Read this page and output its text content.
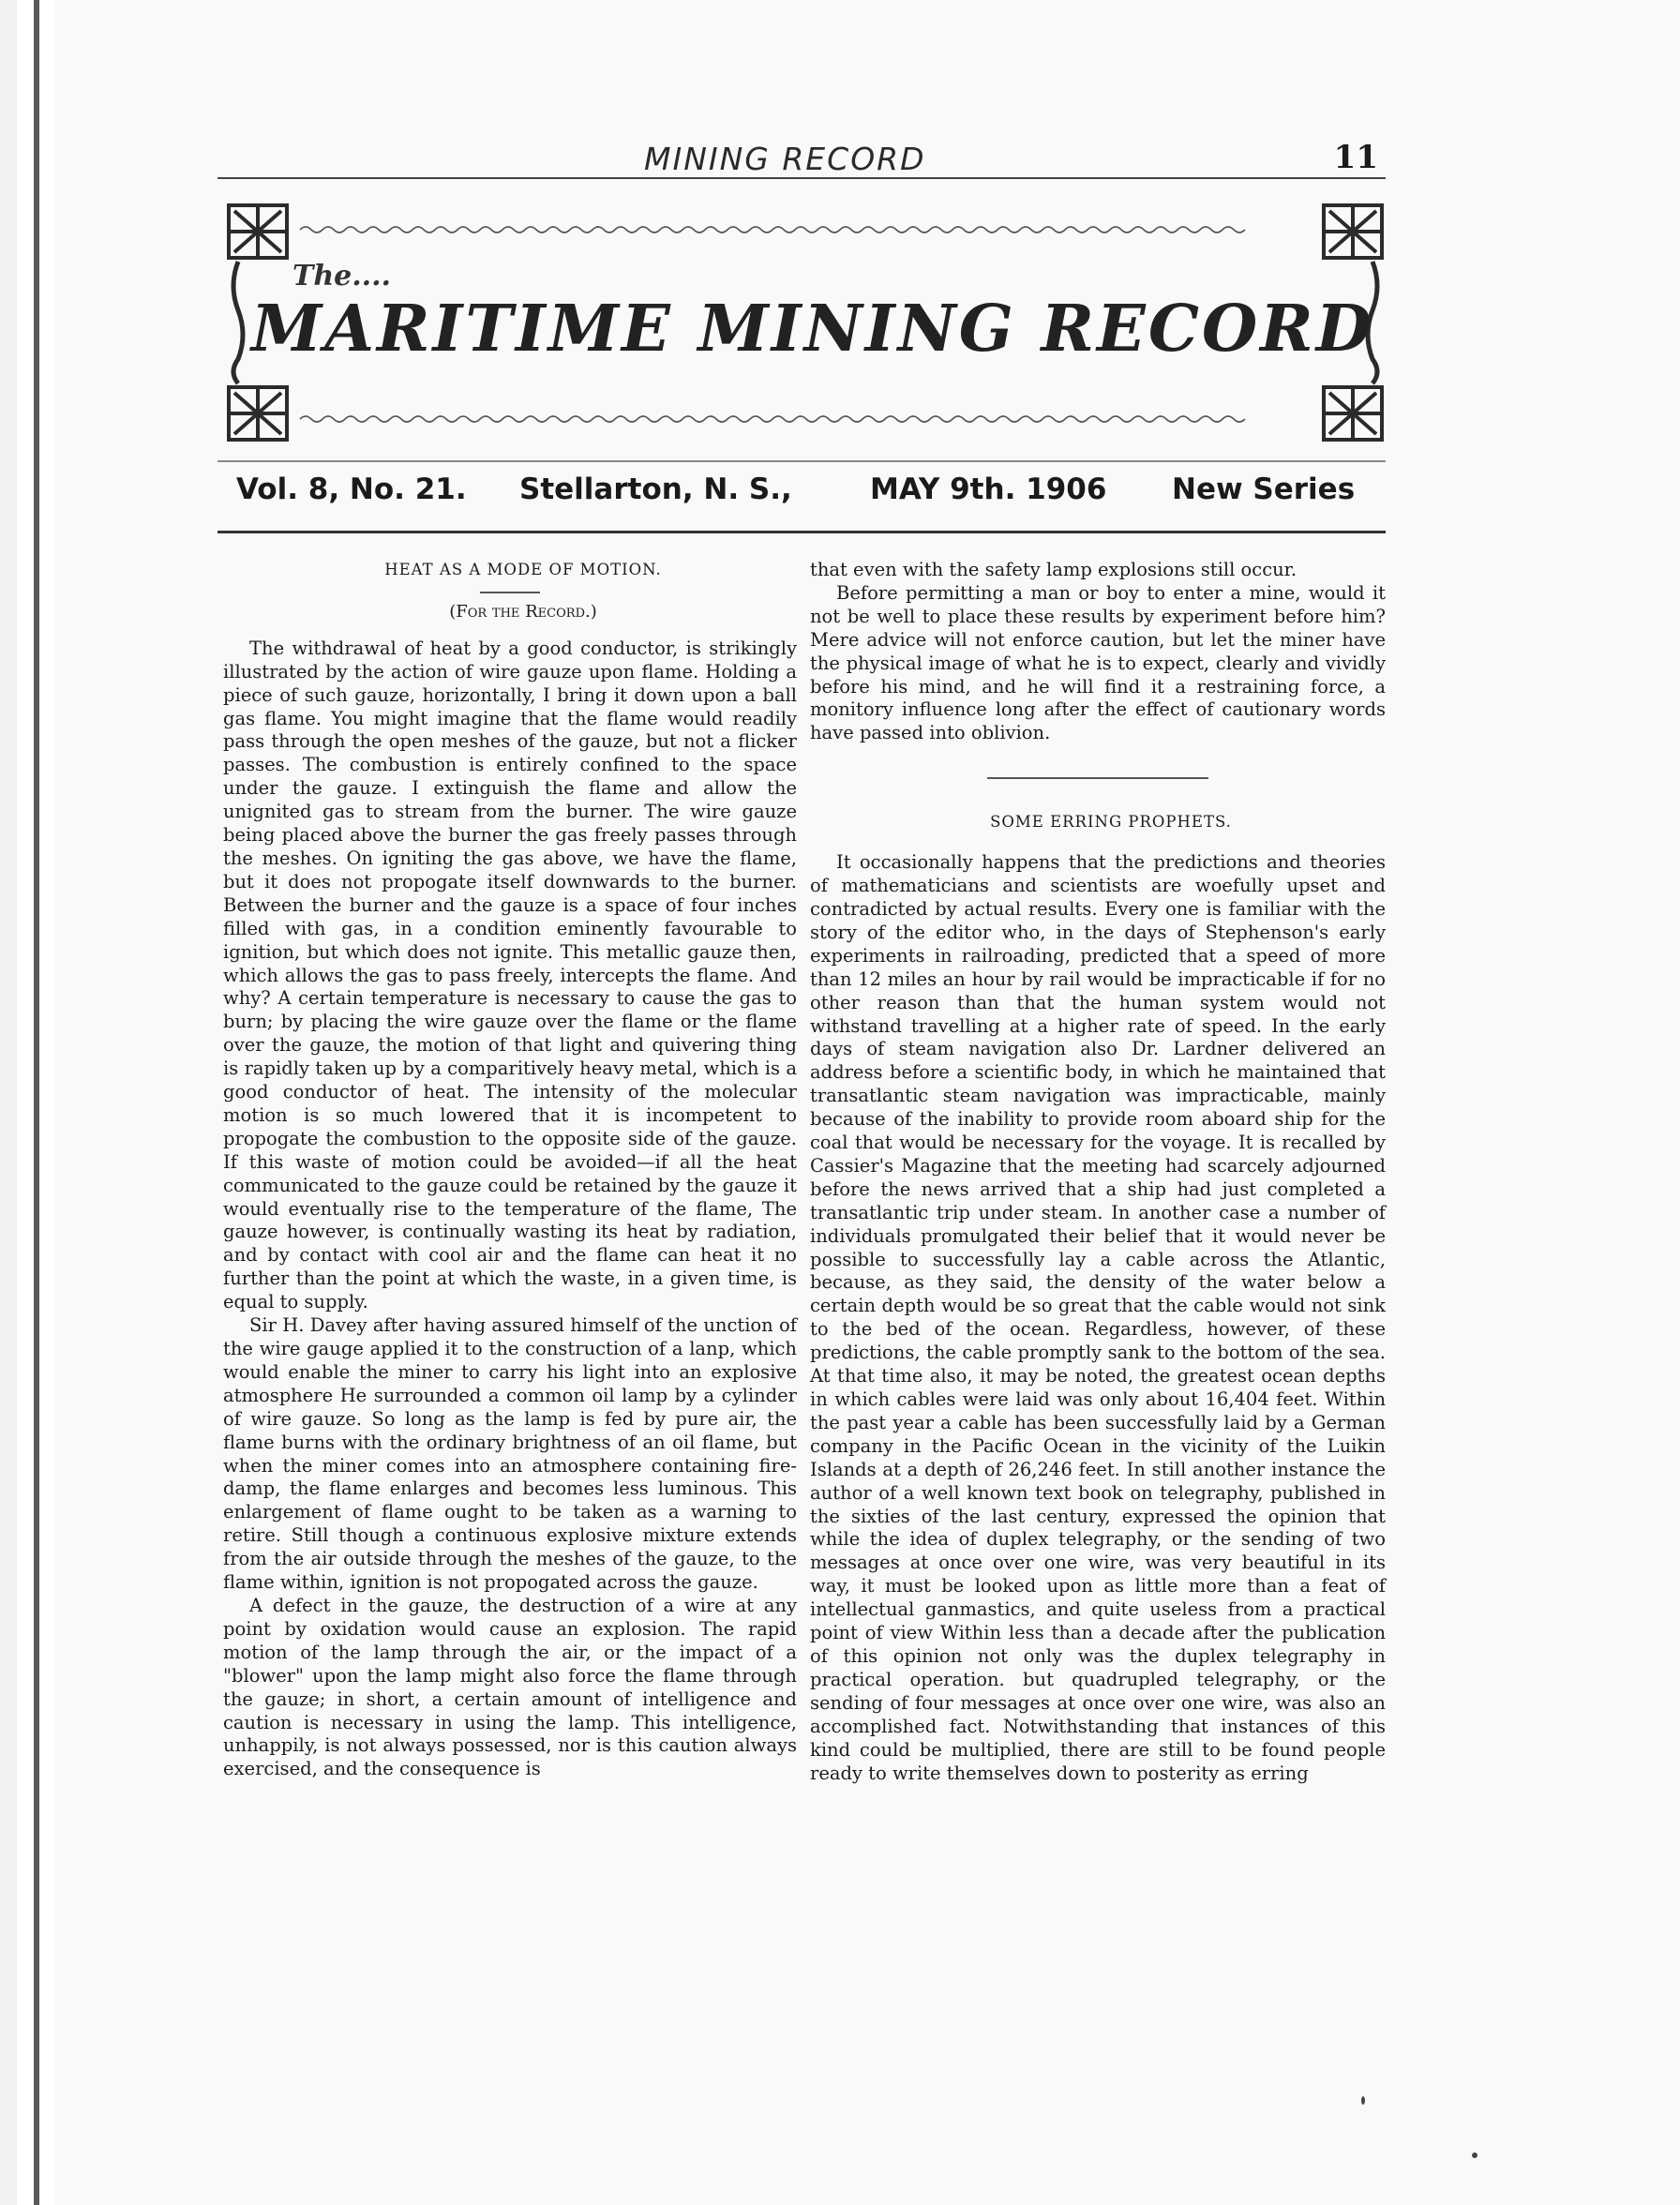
MINING RECORD	11
The....
MARITIME MINING RECORD
Vol. 8, No. 21. Stellarton, N. S.,	MAY 9th. 1906 New Series

HEAT AS A MODE OF MOTION.

(For the Record.)

The withdrawal of heat by a good conductor, is strikingly illustrated by the action of wire gauze upon flame. Holding a piece of such gauze, horizontally, I bring it down upon a ball gas flame. You might imagine that the flame would readily pass through the open meshes of the gauze, but not a flicker passes. The combustion is entirely confined to the space under the gauze. I extinguish the flame and allow the unignited gas to stream from the burner. The wire gauze being placed above the burner the gas freely passes through the meshes. On igniting the gas above, we have the flame, but it does not propogate itself downwards to the burner. Between the burner and the gauze is a space of four inches filled with gas, in a condition eminently favourable to ignition, but which does not ignite. This metallic gauze then, which allows the gas to pass freely, intercepts the flame. And why? A certain temperature is necessary to cause the gas to burn; by placing the wire gauze over the flame or the flame over the gauze, the motion of that light and quivering thing is rapidly taken up by a comparitively heavy metal, which is a good conductor of heat. The intensity of the molecular motion is so much lowered that it is incompetent to propogate the combustion to the opposite side of the gauze. If this waste of motion could be avoided—if all the heat communicated to the gauze could be retained by the gauze it would eventually rise to the temperature of the flame, The gauze however, is continually wasting its heat by radiation, and by contact with cool air and the flame can heat it no further than the point at which the waste, in a given time, is equal to supply.

Sir H. Davey after having assured himself of the unction of the wire gauge applied it to the construction of a lanp, which would enable the miner to carry his light into an explosive atmosphere He surrounded a common oil lamp by a cylinder of wire gauze. So long as the lamp is fed by pure air, the flame burns with the ordinary brightness of an oil flame, but when the miner comes into an atmosphere containing fire-damp, the flame enlarges and becomes less luminous. This enlargement of flame ought to be taken as a warning to retire. Still though a continuous explosive mixture extends from the air outside through the meshes of the gauze, to the flame within, ignition is not propogated across the gauze.

A defect in the gauze, the destruction of a wire at any point by oxidation would cause an explosion. The rapid motion of the lamp through the air, or the impact of a "blower" upon the lamp might also force the flame through the gauze; in short, a certain amount of intelligence and caution is necessary in using the lamp. This intelligence, unhappily, is not always possessed, nor is this caution always exercised, and the consequence is

that even with the safety lamp explosions still occur.

Before permitting a man or boy to enter a mine, would it not be well to place these results by experiment before him? Mere advice will not enforce caution, but let the miner have the physical image of what he is to expect, clearly and vividly before his mind, and he will find it a restraining force, a monitory influence long after the effect of cautionary words have passed into oblivion.

SOME ERRING PROPHETS.

It occasionally happens that the predictions and theories of mathematicians and scientists are woefully upset and contradicted by actual results. Every one is familiar with the story of the editor who, in the days of Stephenson's early experiments in railroading, predicted that a speed of more than 12 miles an hour by rail would be impracticable if for no other reason than that the human system would not withstand travelling at a higher rate of speed. In the early days of steam navigation also Dr. Lardner delivered an address before a scientific body, in which he maintained that transatlantic steam navigation was impracticable, mainly because of the inability to provide room aboard ship for the coal that would be necessary for the voyage. It is recalled by Cassier's Magazine that the meeting had scarcely adjourned before the news arrived that a ship had just completed a transatlantic trip under steam. In another case a number of individuals promulgated their belief that it would never be possible to successfully lay a cable across the Atlantic, because, as they said, the density of the water below a certain depth would be so great that the cable would not sink to the bed of the ocean. Regardless, however, of these predictions, the cable promptly sank to the bottom of the sea. At that time also, it may be noted, the greatest ocean depths in which cables were laid was only about 16,404 feet. Within the past year a cable has been successfully laid by a German company in the Pacific Ocean in the vicinity of the Luikin Islands at a depth of 26,246 feet. In still another instance the author of a well known text book on telegraphy, published in the sixties of the last century, expressed the opinion that while the idea of duplex telegraphy, or the sending of two messages at once over one wire, was very beautiful in its way, it must be looked upon as little more than a feat of intellectual ganmastics, and quite useless from a practical point of view Within less than a decade after the publication of this opinion not only was the duplex telegraphy in practical operation. but quadrupled telegraphy, or the sending of four messages at once over one wire, was also an accomplished fact. Notwithstanding that instances of this kind could be multiplied, there are still to be found people ready to write themselves down to posterity as erring
